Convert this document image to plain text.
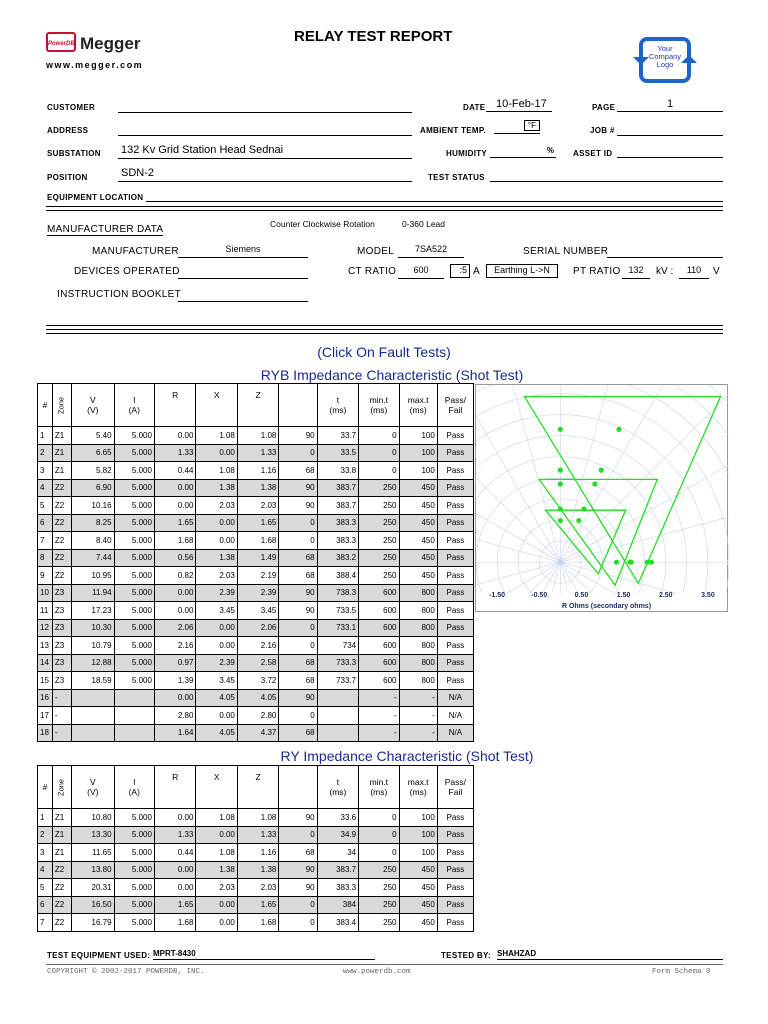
PowerDB Megger
www.megger.com
RELAY TEST REPORT
Your
Company
Logo
CUSTOMER	DATE 10-Feb-17	PAGE	1
ADDRESS	AMBIENT TEMP.
°F
JOB #
SUBSTATION 132 Kv Grid Station Head Sednai	HUMIDITY	% ASSET ID
POSITION	SDN-2	TEST STATUS
EQUIPMENT LOCATION
MANUFACTURER DATA	Counter Clockwise Rotation	0-360 Lead
MANUFACTURER	Siemens	MODEL	7SA522	SERIAL NUMBER
DEVICES OPERATED	CT RATIO	600	:5 A	Earthing L->N	PT RATIO 132	kV :	110	V
INSTRUCTION BOOKLET
(Click On Fault Tests)
RYB Impedance Characteristic (Shot Test)
#	Zone	V
(V)	I
(A)	R	X	Z		t
(ms)	min.t
(ms)	max.t
(ms)	Pass/
Fail
1	Z1	5.40	5.000	0.00	1.08	1.08	90	33.7	0	100	Pass
2	Z1	6.65	5.000	1.33	0.00	1.33	0	33.5	0	100	Pass
3	Z1	5.82	5.000	0.44	1.08	1.16	68	33.8	0	100	Pass
4	Z2	6.90	5.000	0.00	1.38	1.38	90	383.7	250	450	Pass
5	Z2	10.16	5.000	0.00	2.03	2.03	90	383.7	250	450	Pass
6	Z2	8.25	5.000	1.65	0.00	1.65	0	383.3	250	450	Pass
7	Z2	8.40	5.000	1.68	0.00	1.68	0	383.3	250	450	Pass
8	Z2	7.44	5.000	0.56	1.38	1.49	68	383.2	250	450	Pass
9	Z2	10.95	5.000	0.82	2.03	2.19	68	388.4	250	450	Pass
10	Z3	11.94	5.000	0.00	2.39	2.39	90	738.3	600	800	Pass
11	Z3	17.23	5.000	0.00	3.45	3.45	90	733.5	600	800	Pass
12	Z3	10.30	5.000	2.06	0.00	2.06	0	733.1	600	800	Pass
13	Z3	10.79	5.000	2.16	0.00	2.16	0	734	600	800	Pass
14	Z3	12.88	5.000	0.97	2.39	2.58	68	733.3	600	800	Pass
15	Z3	18.59	5.000	1.39	3.45	3.72	68	733.7	600	800	Pass
16	-			0.00	4.05	4.05	90		-	-	N/A
17	-			2.80	0.00	2.80	0		-	-	N/A
18	-			1.64	4.05	4.37	68		-	-	N/A
270
0
-1.50	-0.50	0.50	1.50	2.50	3.50
R Ohms (secondary ohms)
RY Impedance Characteristic (Shot Test)
#	Zone	V
(V)	I
(A)	R	X	Z		t
(ms)	min.t
(ms)	max.t
(ms)	Pass/
Fail
1	Z1	10.80	5.000	0.00	1.08	1.08	90	33.6	0	100	Pass
2	Z1	13.30	5.000	1.33	0.00	1.33	0	34.9	0	100	Pass
3	Z1	11.65	5.000	0.44	1.08	1.16	68	34	0	100	Pass
4	Z2	13.80	5.000	0.00	1.38	1.38	90	383.7	250	450	Pass
5	Z2	20.31	5.000	0.00	2.03	2.03	90	383.3	250	450	Pass
6	Z2	16.50	5.000	1.65	0.00	1.65	0	384	250	450	Pass
7	Z2	16.79	5.000	1.68	0.00	1.68	0	383.4	250	450	Pass
TEST EQUIPMENT USED: MPRT-8430	TESTED BY: SHAHZAD
COPYRIGHT © 2002-2017 POWERDB, INC.	www.powerdb.com	Form Schema 0
